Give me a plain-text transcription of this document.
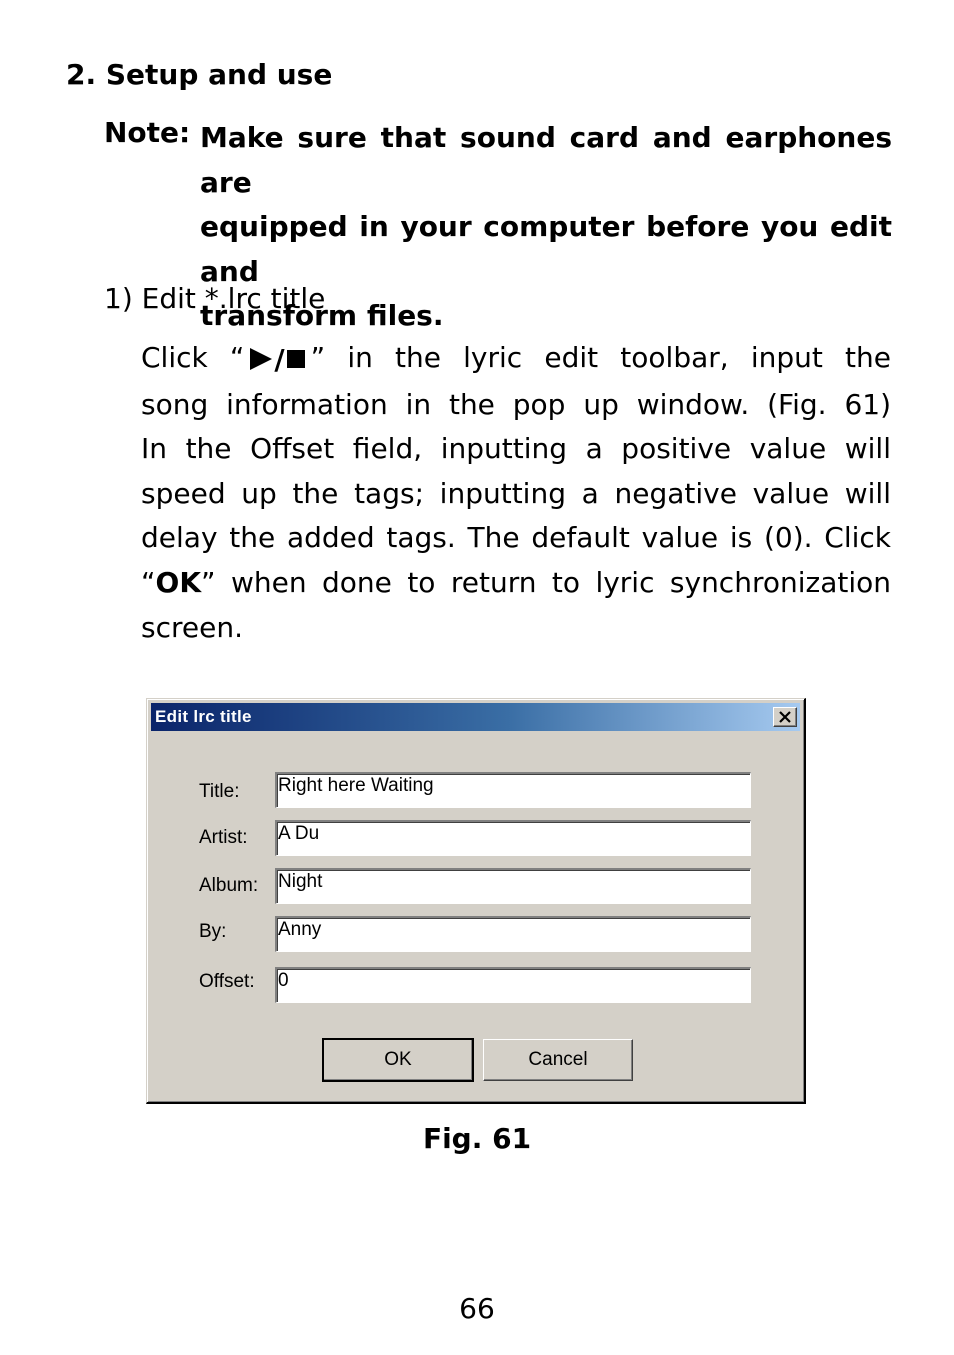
2. Setup and use
Note: Make sure that sound card and earphones are
equipped in your computer before you edit and
transform files.
1) Edit *.lrc title
Click “ / ” in the lyric edit toolbar, input the
song information in the pop up window. (Fig. 61)
In the Offset field, inputting a positive value will
speed up the tags; inputting a negative value will
delay the added tags. The default value is (0). Click
“OK” when done to return to lyric synchronization
screen.
Edit lrc title
Title: Right here Waiting
Artist: A Du
Album: Night
By:	Anny
Offset: 0
OK	Cancel
Fig. 61
66
